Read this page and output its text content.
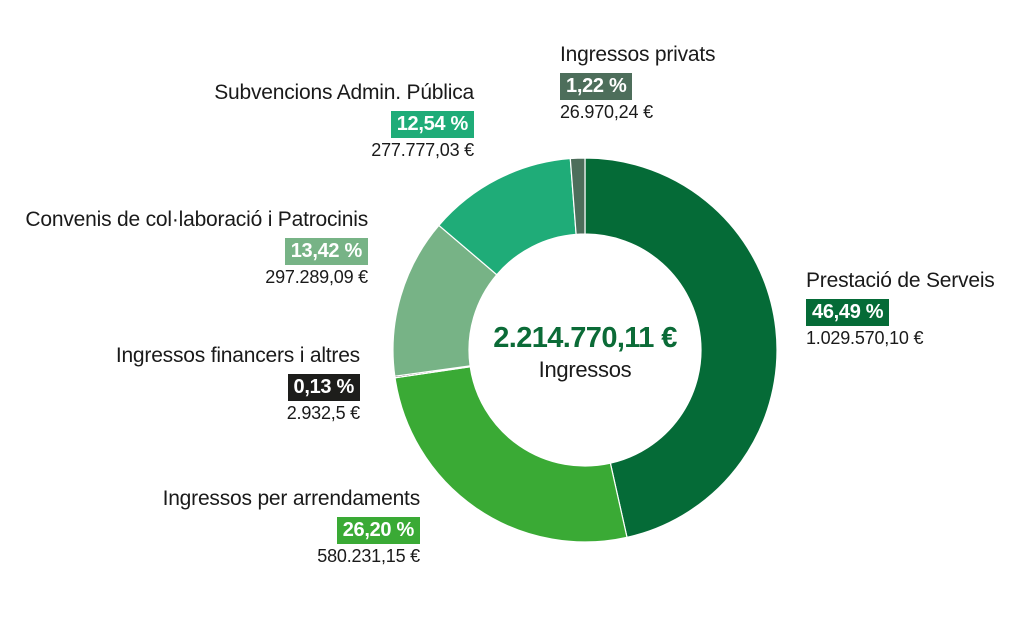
2.214.770,11 €
Ingressos
Ingressos privats
1,22 %
26.970,24 €
Subvencions Admin. Pública
12,54 %
277.777,03 €
Convenis de col·laboració i Patrocinis
13,42 %
297.289,09 €
Ingressos financers i altres
0,13 %
2.932,5 €
Ingressos per arrendaments
26,20 %
580.231,15 €
Prestació de Serveis
46,49 %
1.029.570,10 €
